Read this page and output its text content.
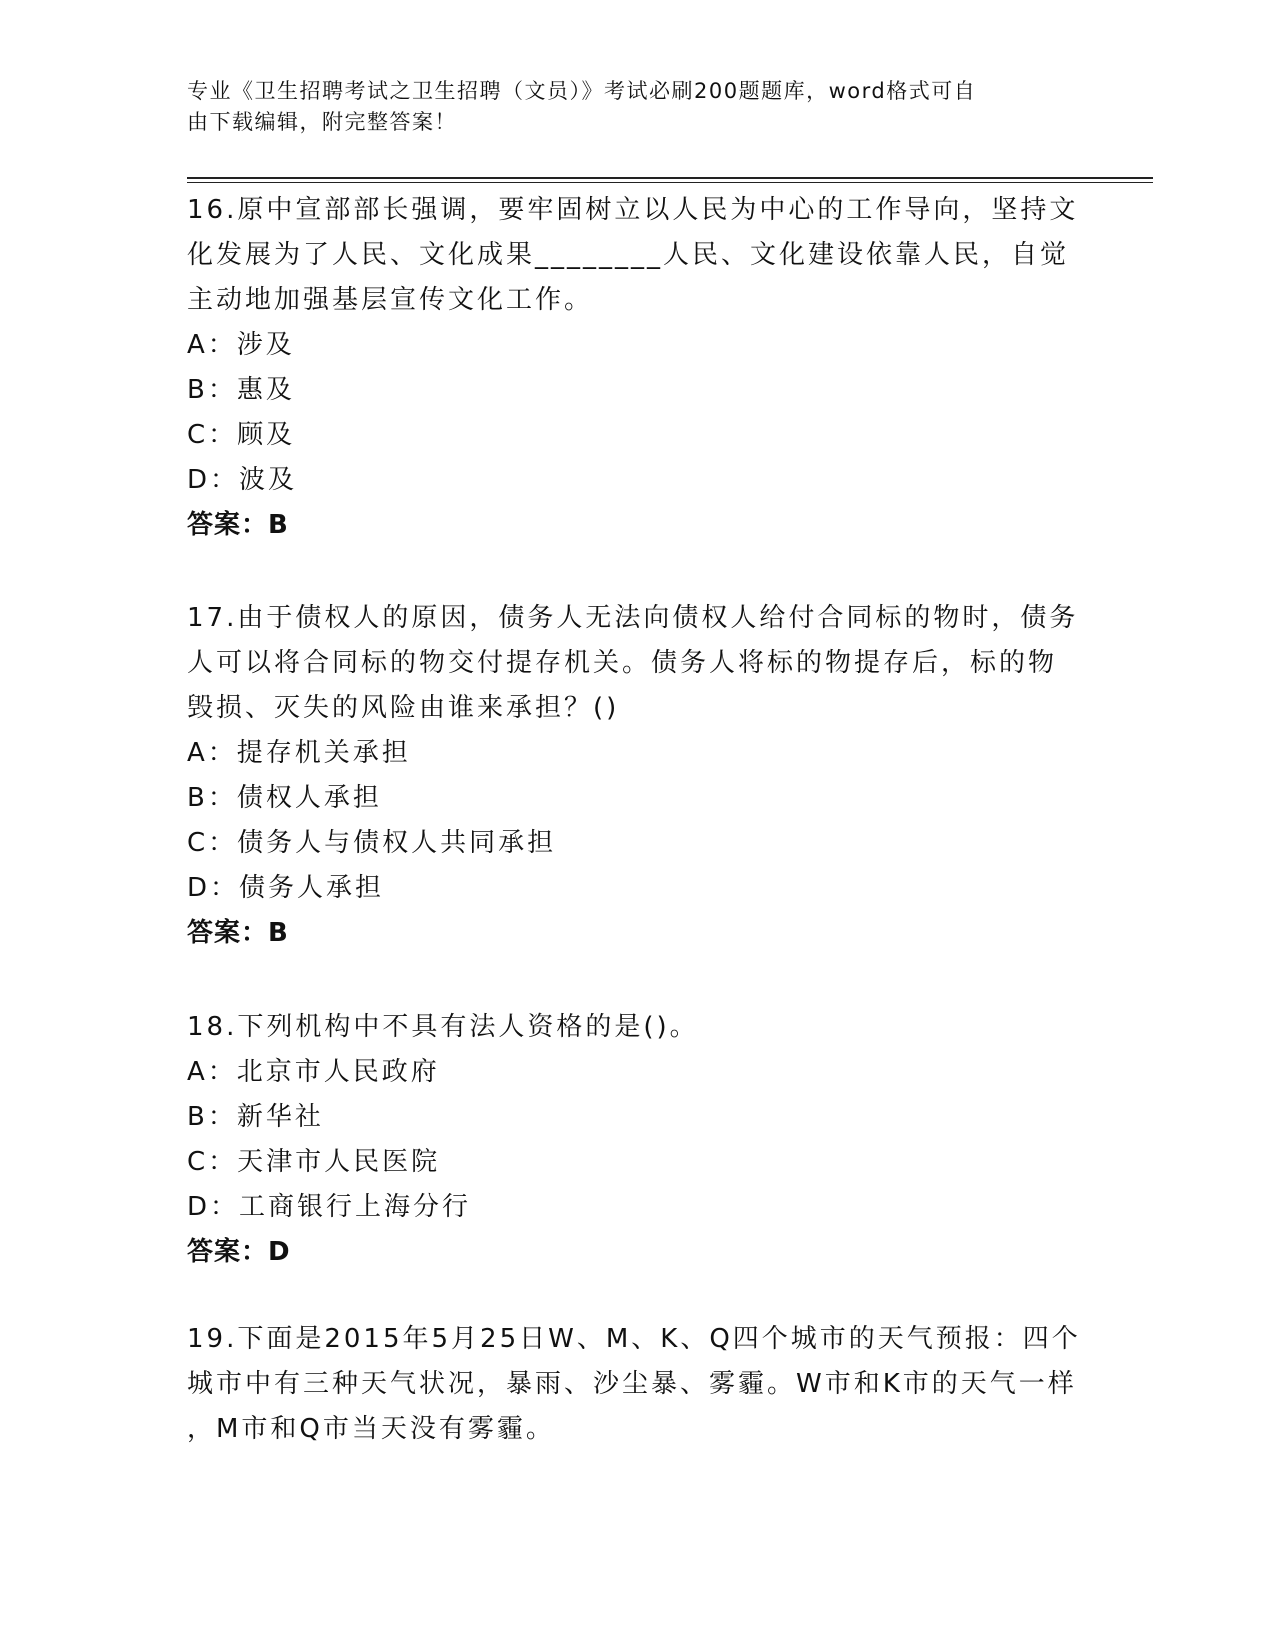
专业《卫生招聘考试之卫生招聘（文员）》考试必刷200题题库，word格式可自
由下载编辑，附完整答案！

16.原中宣部部长强调，要牢固树立以人民为中心的工作导向，坚持文

化发展为了人民、文化成果________人民、文化建设依靠人民，自觉

主动地加强基层宣传文化工作。

A：涉及

B：惠及

C：顾及

D：波及

答案：B

17.由于债权人的原因，债务人无法向债权人给付合同标的物时，债务

人可以将合同标的物交付提存机关。债务人将标的物提存后，标的物

毁损、灭失的风险由谁来承担？()

A：提存机关承担

B：债权人承担

C：债务人与债权人共同承担

D：债务人承担

答案：B

18.下列机构中不具有法人资格的是()。

A：北京市人民政府

B：新华社

C：天津市人民医院

D：工商银行上海分行

答案：D

19.下面是2015年5月25日W、M、K、Q四个城市的天气预报：四个

城市中有三种天气状况，暴雨、沙尘暴、雾霾。W市和K市的天气一样

，M市和Q市当天没有雾霾。
